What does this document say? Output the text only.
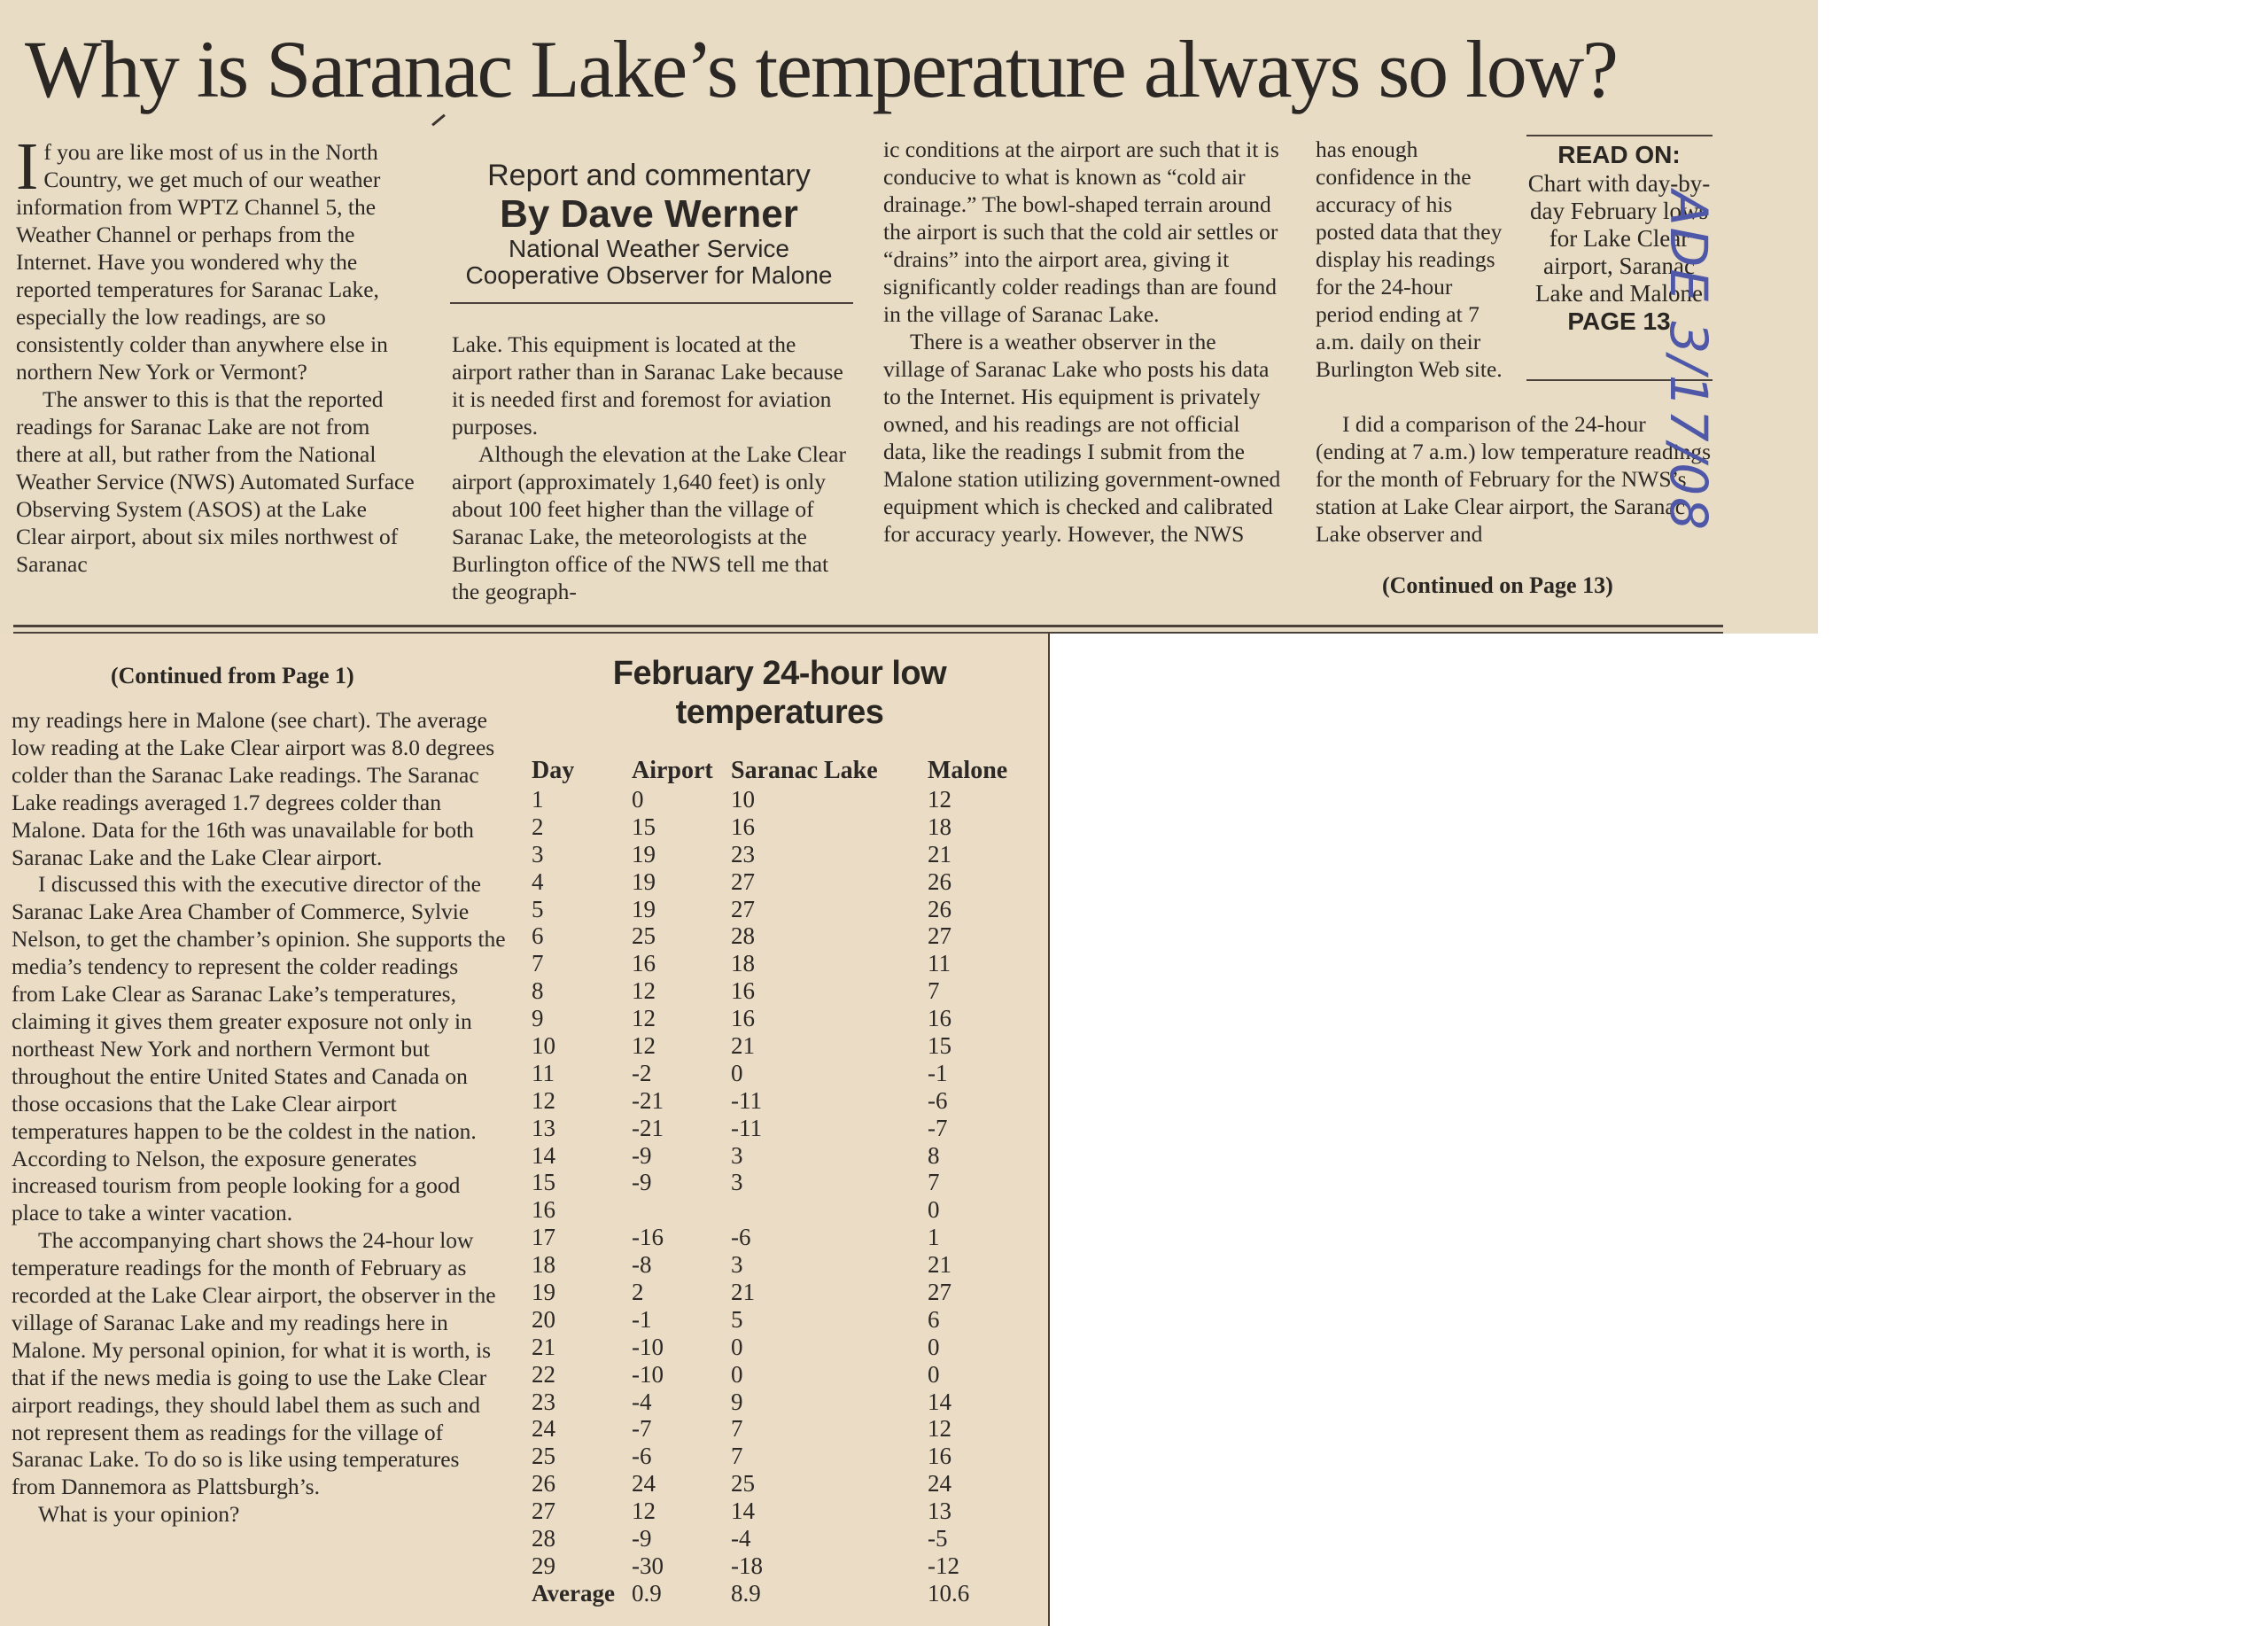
Why is Saranac Lake’s temperature always so low?

If you are like most of us in the North Country, we get much of our weather information from WPTZ Channel 5, the Weather Channel or perhaps from the Internet. Have you wondered why the reported temperatures for Saranac Lake, especially the low readings, are so consistently colder than anywhere else in northern New York or Vermont?

The answer to this is that the reported readings for Saranac Lake are not from there at all, but rather from the National Weather Service (NWS) Automated Surface Observing System (ASOS) at the Lake Clear airport, about six miles northwest of Saranac

Report and commentary
By Dave Werner
National Weather Service
Cooperative Observer for Malone

Lake. This equipment is located at the airport rather than in Saranac Lake because it is needed first and foremost for aviation purposes.

Although the elevation at the Lake Clear airport (approximately 1,640 feet) is only about 100 feet higher than the village of Saranac Lake, the meteorologists at the Burlington office of the NWS tell me that the geograph-

ic conditions at the airport are such that it is conducive to what is known as “cold air drainage.” The bowl-shaped terrain around the airport is such that the cold air settles or “drains” into the airport area, giving it significantly colder readings than are found in the village of Saranac Lake.

There is a weather observer in the village of Saranac Lake who posts his data to the Internet. His equipment is privately owned, and his readings are not official data, like the readings I submit from the Malone station utilizing government-owned equipment which is checked and calibrated for accuracy yearly. However, the NWS

has enough confidence in the accuracy of his posted data that they display his readings for the 24-hour period ending at 7 a.m. daily on their Burlington Web site.

I did a comparison of the 24-hour (ending at 7 a.m.) low temperature readings for the month of February for the NWS’s station at Lake Clear airport, the Saranac Lake observer and

READ ON:
Chart with day-by-day February lows for Lake Clear airport, Saranac Lake and Malone
PAGE 13
ADE 3/17/08
(Continued on Page 13)
(Continued from Page 1)

my readings here in Malone (see chart). The average low reading at the Lake Clear airport was 8.0 degrees colder than the Saranac Lake readings. The Saranac Lake readings averaged 1.7 degrees colder than Malone. Data for the 16th was unavailable for both Saranac Lake and the Lake Clear airport.

I discussed this with the executive director of the Saranac Lake Area Chamber of Commerce, Sylvie Nelson, to get the chamber’s opinion. She supports the media’s tendency to represent the colder readings from Lake Clear as Saranac Lake’s temperatures, claiming it gives them greater exposure not only in northeast New York and northern Vermont but throughout the entire United States and Canada on those occasions that the Lake Clear airport temperatures happen to be the coldest in the nation. According to Nelson, the exposure generates increased tourism from people looking for a good place to take a winter vacation.

The accompanying chart shows the 24-hour low temperature readings for the month of February as recorded at the Lake Clear airport, the observer in the village of Saranac Lake and my readings here in Malone. My personal opinion, for what it is worth, is that if the news media is going to use the Lake Clear airport readings, they should label them as such and not represent them as readings for the village of Saranac Lake. To do so is like using temperatures from Dannemora as Plattsburgh’s.

What is your opinion?

February 24-hour low temperatures
Day	Airport	Saranac Lake	Malone
1	0	10	12
2	15	16	18
3	19	23	21
4	19	27	26
5	19	27	26
6	25	28	27
7	16	18	11
8	12	16	7
9	12	16	16
10	12	21	15
11	-2	0	-1
12	-21	-11	-6
13	-21	-11	-7
14	-9	3	8
15	-9	3	7
16			0
17	-16	-6	1
18	-8	3	21
19	2	21	27
20	-1	5	6
21	-10	0	0
22	-10	0	0
23	-4	9	14
24	-7	7	12
25	-6	7	16
26	24	25	24
27	12	14	13
28	-9	-4	-5
29	-30	-18	-12
Average	0.9	8.9	10.6
